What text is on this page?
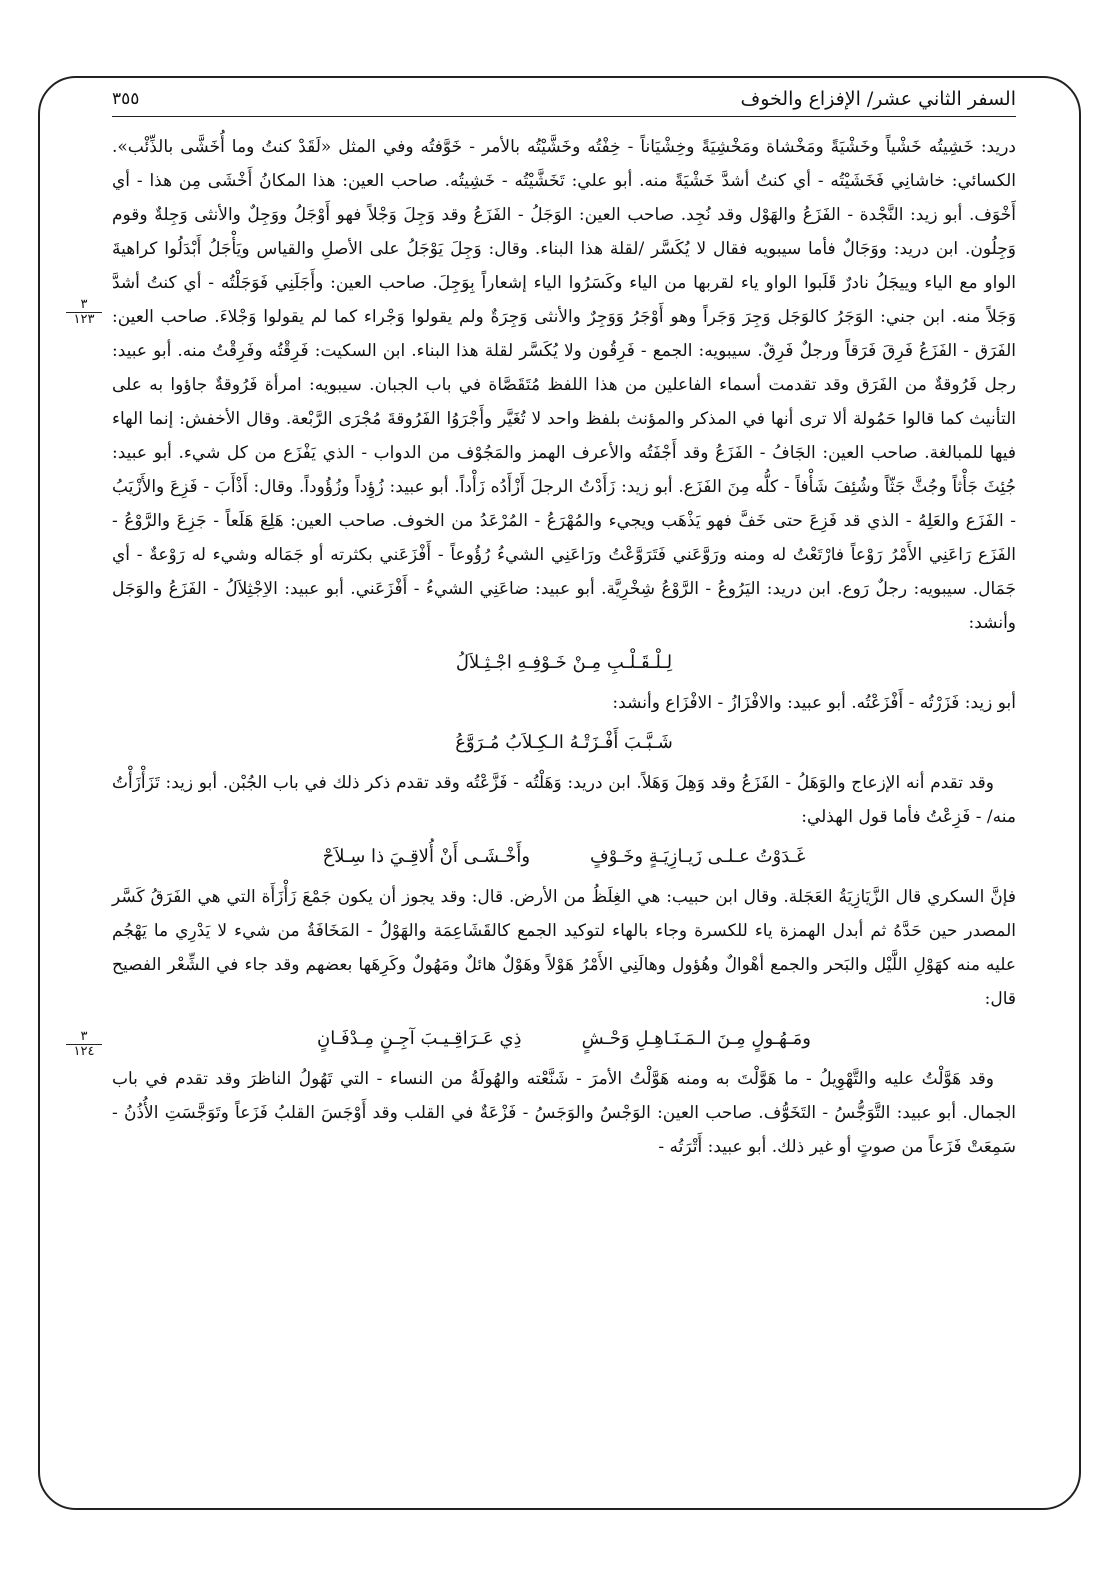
السفر الثاني عشر/ الإفزاع والخوف
٣٥٥
٣
١٢٣
٣
١٢٤

دريد: خَشِيتُه خَشْياً وخَشْيَةً ومَخْشاة ومَخْشِيَةً وخِشْيَاناً - خِفْتُه وخَشَّيْتُه بالأمر - خَوَّفتُه وفي المثل «لَقَدْ كنتُ وما أُخَشَّى بالذِّئْب». الكسائي: خاشانِي فَخَشَيْتُه - أي كنتُ أشدَّ خَشْيَةً منه. أبو علي: تَخَشَّيْتُه - خَشِيتُه. صاحب العين: هذا المكانُ أَخْشَى مِن هذا - أي أَخْوَف. أبو زيد: النَّجْدة - الفَزَعُ والهَوْل وقد نُجِد. صاحب العين: الوَجَلُ - الفَزَعُ وقد وَجِلَ وَجْلاً فهو أَوْجَلُ ووَجِلٌ والأنثى وَجِلةٌ وقوم وَجِلُون. ابن دريد: ووَجَالٌ فأما سيبويه فقال لا يُكَسَّر /لقلة هذا البناء. وقال: وَجِلَ يَوْجَلُ على الأصلِ والقياس ويَأْجَلُ أَبْدَلُوا كراهيةَ الواو مع الياء وييجَلُ نادرٌ قَلَبوا الواو ياء لقربها من الياء وكَسَرُوا الياء إشعاراً بِوَجِلَ. صاحب العين: وأَجَلَنِي فَوَجَلْتُه - أي كنتُ أشدَّ وَجَلاً منه. ابن جني: الوَجَرُ كالوَجَل وَجِرَ وَجَراً وهو أَوْجَرُ وَوَجِرٌ والأنثى وَجِرَةٌ ولم يقولوا وَجْراء كما لم يقولوا وَجْلاءَ. صاحب العين: الفَرَق - الفَزَعُ فَرِقَ فَرَقاً ورجلٌ فَرِقٌ. سيبويه: الجمع - فَرِقُون ولا يُكَسَّر لقلة هذا البناء. ابن السكيت: فَرِقْتُه وفَرِقْتُ منه. أبو عبيد: رجل فَرُوقةٌ من الفَرَق وقد تقدمت أسماء الفاعلين من هذا اللفظ مُتَقَصَّاة في باب الجبان. سيبويه: امرأة فَرُوقةٌ جاؤوا به على التأنيث كما قالوا حَمُولة ألا ترى أنها في المذكر والمؤنث بلفظ واحد لا تُغَيَّر وأَجْرَوُا الفَرُوقةَ مُجْرَى الرَّبْعة. وقال الأخفش: إنما الهاء فيها للمبالغة. صاحب العين: الجَافُ - الفَزَعُ وقد أَجْفَتُه والأعرف الهمز والمَجُوْف من الدواب - الذي يَفْزَع من كل شيء. أبو عبيد: جُئِثَ جَأْثاً وجُثَّ جَثّاً وشُئِفَ شَأْفاً - كلُّه مِنَ الفَزَع. أبو زيد: زَأَدْتُ الرجلَ أَزْأَدُه زَأْداً. أبو عبيد: زُؤِداً وزُؤُوداً. وقال: أَذْأَبَ - فَزِعَ والأَزْيَبُ - الفَزَع والعَلِهُ - الذي قد فَزِعَ حتى خَفَّ فهو يَذْهَب ويجيء والمُهْرَعُ - المُرْعَدُ من الخوف. صاحب العين: هَلِعَ هَلَعاً - جَزِعَ والرَّوْعُ - الفَزَع رَاعَنِي الأَمْرُ رَوْعاً فارْتَعْتُ له ومنه ورَوَّعَني فَتَرَوَّعْتُ ورَاعَنِي الشيءُ رُؤُوعاً - أَفْزَعَني بكثرته أو جَمَاله وشيء له رَوْعةٌ - أي جَمَال. سيبويه: رجلٌ رَوع. ابن دريد: اليَرُوعُ - الرَّوْعُ شِخْرِيَّة. أبو عبيد: ضاعَنِي الشيءُ - أَفْزَعَني. أبو عبيد: الاِجْثِلاَلُ - الفَزَعُ والوَجَل وأنشد:

لِـلْـقَـلْـبِ مِـنْ خَـوْفِـهِ اجْـثِـلاَلُ

أبو زيد: فَزَرْتُه - أَفْزَعْتُه. أبو عبيد: والافْزَازُ - الافْزَاع وأنشد:

شَـبَّـبَ أَفْـزَتْـهُ الـكِـلاَبُ مُـرَوَّعُ

وقد تقدم أنه الإزعاج والوَهَلُ - الفَزَعُ وقد وَهِلَ وَهَلاً. ابن دريد: وَهَلْتُه - فَزَّعْتُه وقد تقدم ذكر ذلك في باب الجُبْن. أبو زيد: تَزَأْزَأْتُ منه/ - فَزِعْتُ فأما قول الهذلي:

غَـدَوْتُ عـلـى زَيـازِيَـةٍ وخَـوْفٍ
وأَخْـشَـى أَنْ أُلاقِـيَ ذا سِـلاَحْ

فإنَّ السكري قال الزَّيَازِيَةُ العَجَلة. وقال ابن حبيب: هي الغِلَظُ من الأرض. قال: وقد يجوز أن يكون جَمْعَ زَأْزَأَة التي هي الفَرَقُ كَسَّر المصدر حين حَدَّهُ ثم أبدل الهمزة ياء للكسرة وجاء بالهاء لتوكيد الجمع كالقَشَاعِمَة والهَوْلُ - المَخَافَةُ من شيء لا يَدْرِي ما يَهْجُم عليه منه كهَوْلِ اللَّيْل والبَحر والجمع أهْوالٌ وهُؤول وهالَنِي الأَمْرُ هَوْلاً وهَوْلٌ هائلٌ ومَهُولٌ وكَرِهَها بعضهم وقد جاء في الشِّعْر الفصيح قال:

ومَـهُـولٍ مِـنَ الـمَـنَـاهِـلِ وَحْـشٍ
ذِي عَـرَاقِـيـبَ آجِـنٍ مِـدْفَـانٍ

وقد هَوَّلْتُ عليه والتَّهْوِيلُ - ما هَوَّلْتَ به ومنه هَوَّلْتُ الأمرَ - شَنَّعْته والهُولَةُ من النساء - التي تَهُولُ الناظرَ وقد تقدم في باب الجمال. أبو عبيد: التَّوَجُّسُ - التَخَوُّف. صاحب العين: الوَجْسُ والوَجَسُ - فَزْعَةٌ في القلب وقد أَوْجَسَ القلبُ فَزَعاً وتَوَجَّسَتِ الأُذُنُ - سَمِعَتْ فَزَعاً من صوتٍ أو غير ذلك. أبو عبيد: أَتْرَتُه -
